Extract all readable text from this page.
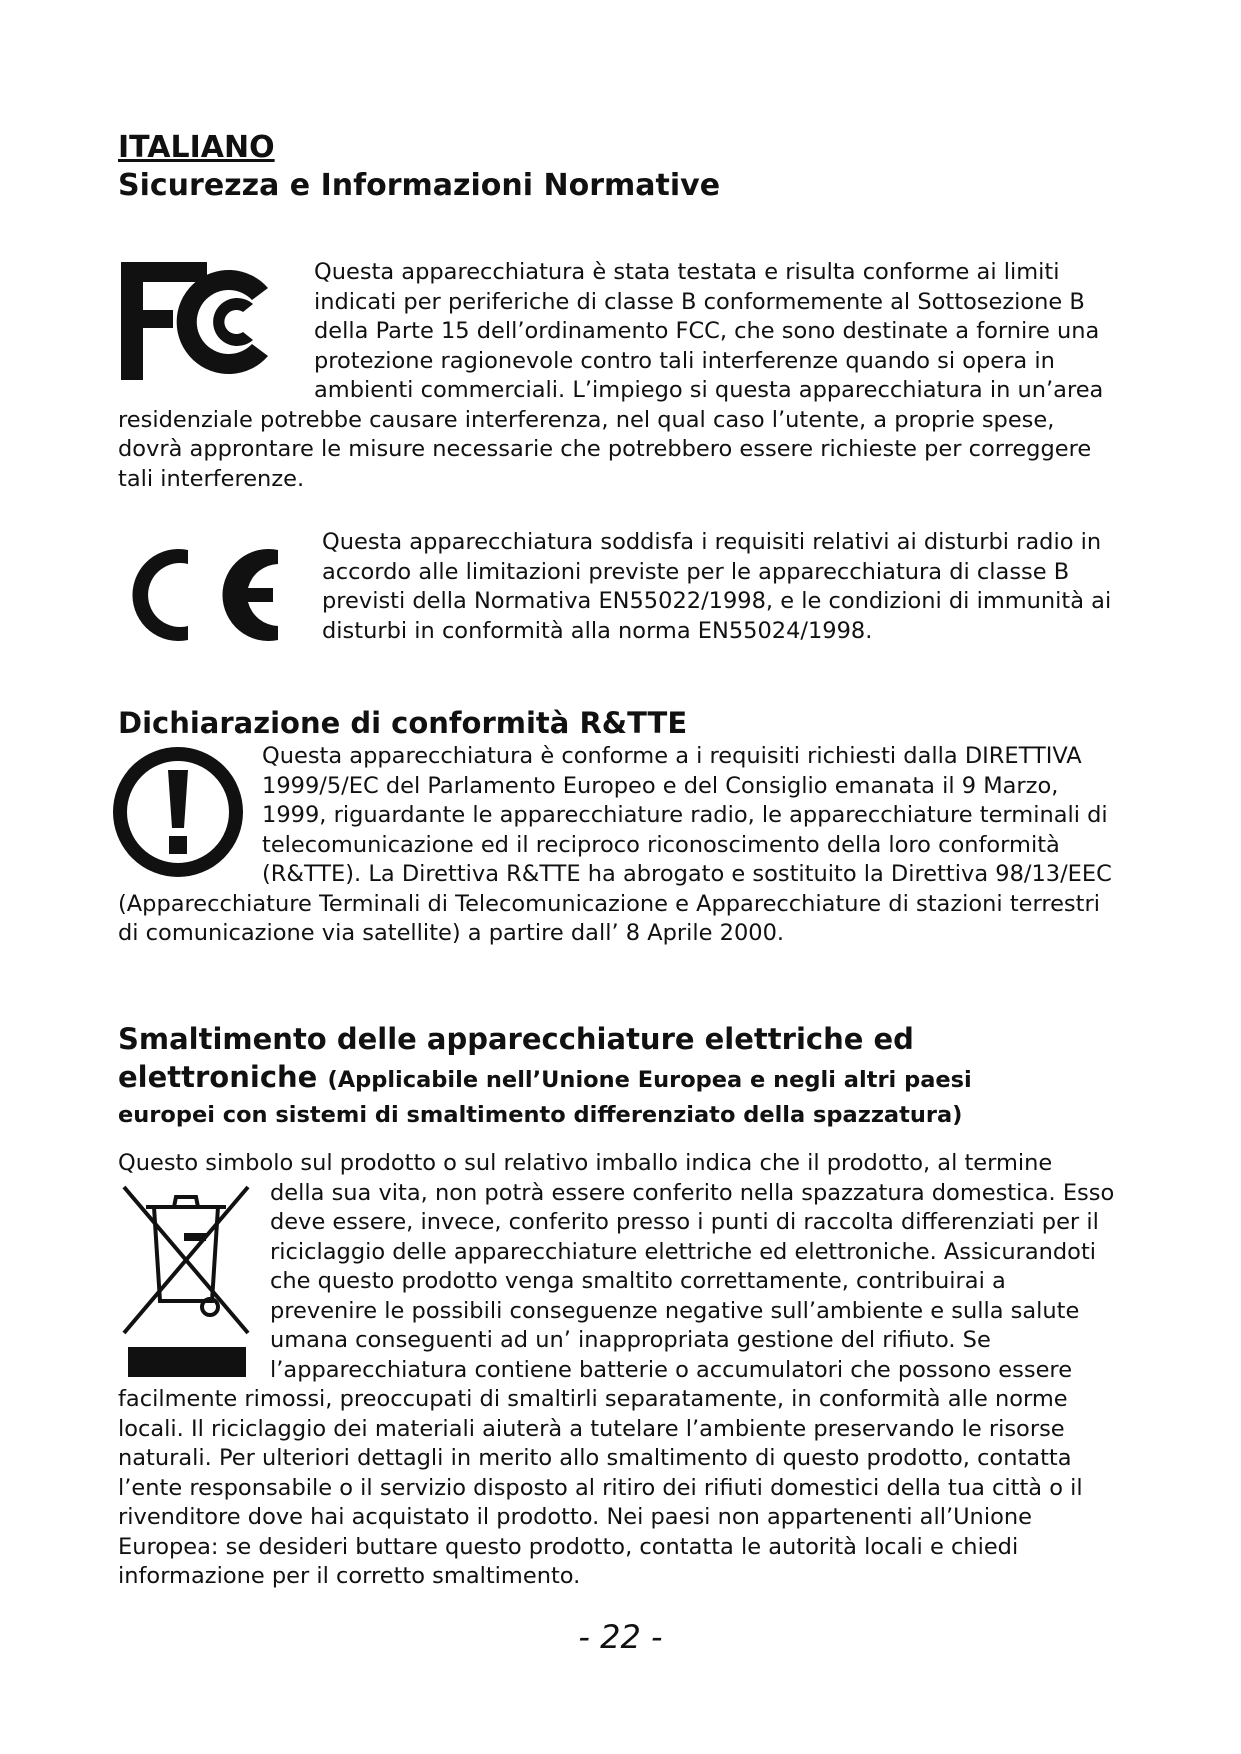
ITALIANO
Sicurezza e Informazioni Normative

Questa apparecchiatura è stata testata e risulta conforme ai limiti indicati per periferiche di classe B conformemente al Sottosezione B della Parte 15 dell’ordinamento FCC, che sono destinate a fornire una protezione ragionevole contro tali interferenze quando si opera in ambienti commerciali. L’impiego si questa apparecchiatura in un’area residenziale potrebbe causare interferenza, nel qual caso l’utente, a proprie spese, dovrà approntare le misure necessarie che potrebbero essere richieste per correggere tali interferenze.

Questa apparecchiatura soddisfa i requisiti relativi ai disturbi radio in accordo alle limitazioni previste per le apparecchiatura di classe B previsti della Normativa EN55022/1998, e le condizioni di immunità ai disturbi in conformità alla norma EN55024/1998.

Dichiarazione di conformità R&TTE

Questa apparecchiatura è conforme a i requisiti richiesti dalla DIRETTIVA 1999/5/EC del Parlamento Europeo e del Consiglio emanata il 9 Marzo, 1999, riguardante le apparecchiature radio, le apparecchiature terminali di telecomunicazione ed il reciproco riconoscimento della loro conformità (R&TTE). La Direttiva R&TTE ha abrogato e sostituito la Direttiva 98/13/EEC (Apparecchiature Terminali di Telecomunicazione e Apparecchiature di stazioni terrestri di comunicazione via satellite) a partire dall’ 8 Aprile 2000.

Smaltimento delle apparecchiature elettriche ed
elettroniche (Applicabile nell’Unione Europea e negli altri paesi

europei con sistemi di smaltimento differenziato della spazzatura)

Questo simbolo sul prodotto o sul relativo imballo indica che il prodotto, al termine

della sua vita, non potrà essere conferito nella spazzatura domestica. Esso deve essere, invece, conferito presso i punti di raccolta differenziati per il riciclaggio delle apparecchiature elettriche ed elettroniche. Assicurandoti che questo prodotto venga smaltito correttamente, contribuirai a prevenire le possibili conseguenze negative sull’ambiente e sulla salute umana conseguenti ad un’ inappropriata gestione del rifiuto. Se l’apparecchiatura contiene batterie o accumulatori che possono essere facilmente rimossi, preoccupati di smaltirli separatamente, in conformità alle norme locali. Il riciclaggio dei materiali aiuterà a tutelare l’ambiente preservando le risorse naturali. Per ulteriori dettagli in merito allo smaltimento di questo prodotto, contatta l’ente responsabile o il servizio disposto al ritiro dei rifiuti domestici della tua città o il rivenditore dove hai acquistato il prodotto. Nei paesi non appartenenti all’Unione Europea: se desideri buttare questo prodotto, contatta le autorità locali e chiedi informazione per il corretto smaltimento.

- 22 -
